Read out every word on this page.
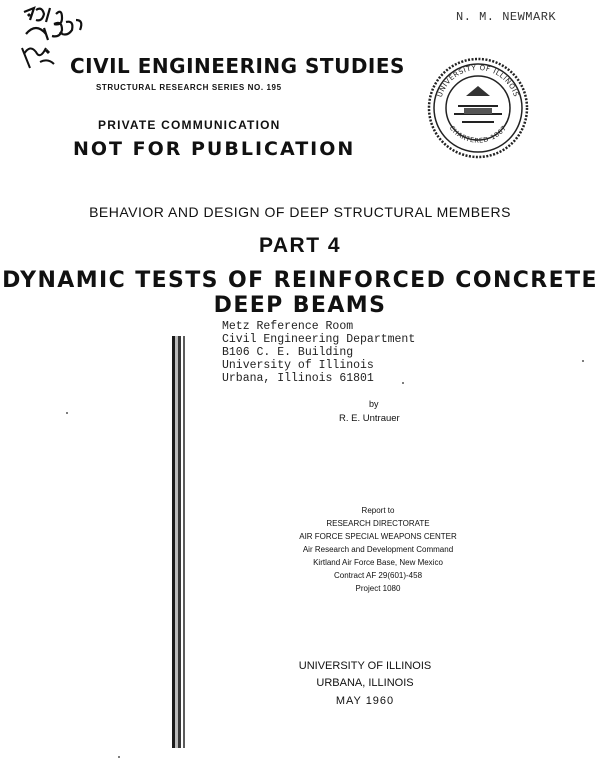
CIVIL ENGINEERING STUDIES
STRUCTURAL RESEARCH SERIES NO. 195
N. M. NEWMARK
UNIVERSITY OF ILLINOIS
CHARTERED 1867
PRIVATE COMMUNICATION
NOT FOR PUBLICATION
BEHAVIOR AND DESIGN OF DEEP STRUCTURAL MEMBERS
PART 4
DYNAMIC TESTS OF REINFORCED CONCRETE DEEP BEAMS
Metz Reference Room
Civil Engineering Department
B106 C. E. Building
University of Illinois
Urbana, Illinois 61801
by
R. E. Untrauer
Report to
RESEARCH DIRECTORATE
AIR FORCE SPECIAL WEAPONS CENTER
Air Research and Development Command
Kirtland Air Force Base, New Mexico
Contract AF 29(601)-458
Project 1080
UNIVERSITY OF ILLINOIS
URBANA, ILLINOIS
MAY 1960
